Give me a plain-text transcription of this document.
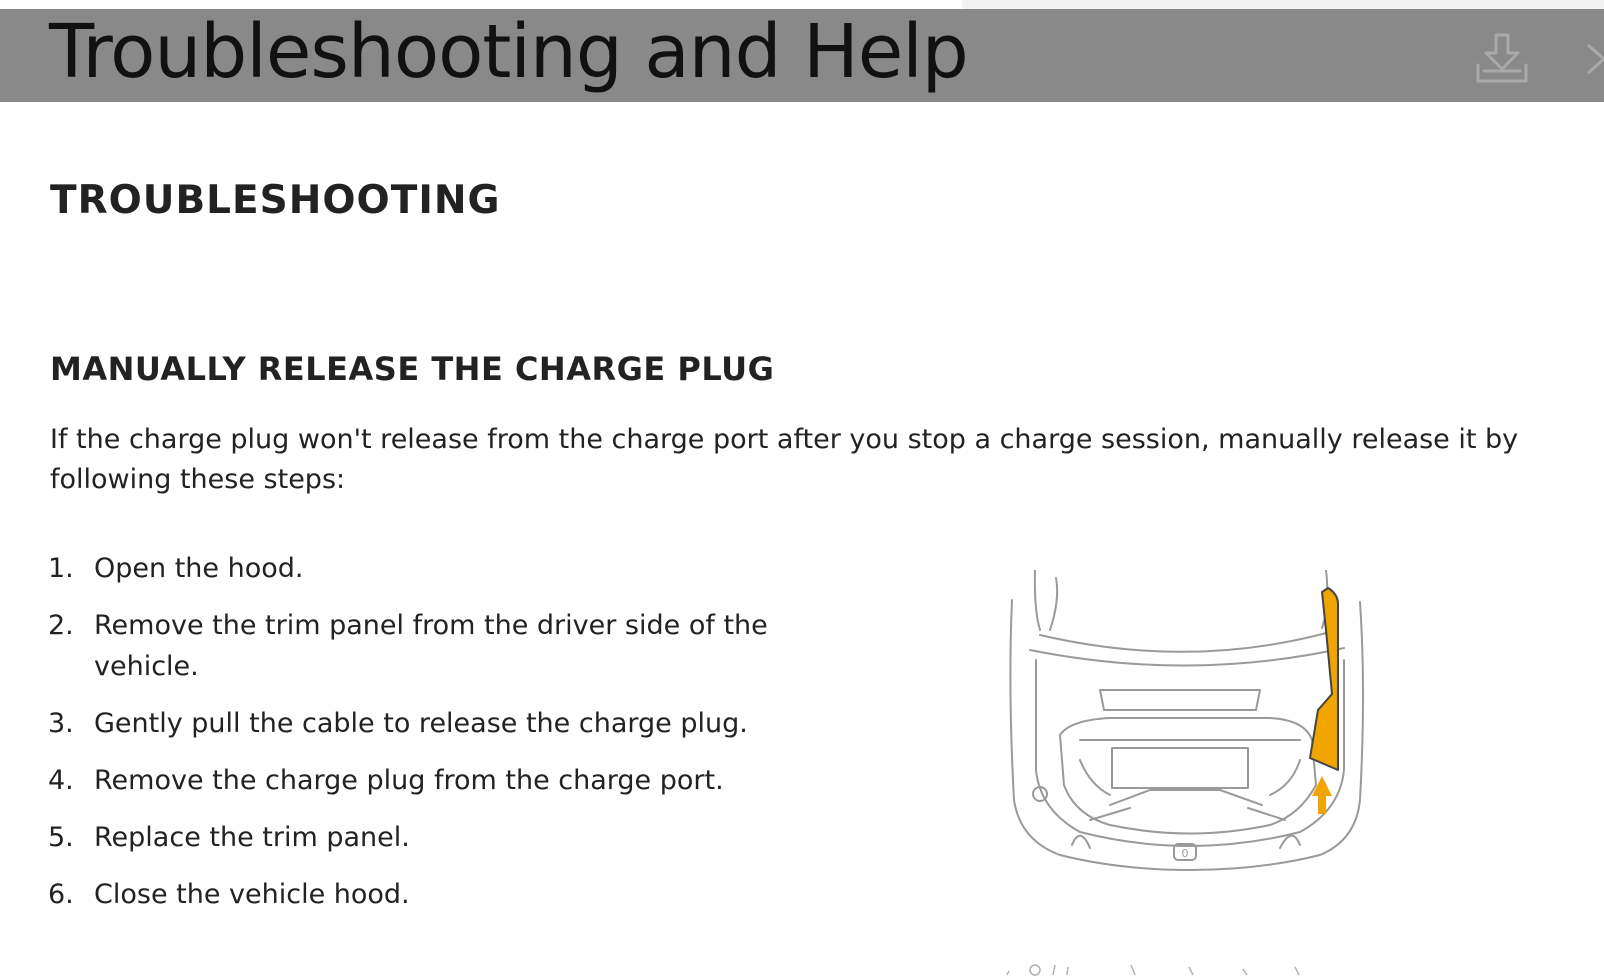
Troubleshooting and Help
TROUBLESHOOTING
MANUALLY RELEASE THE CHARGE PLUG

If the charge plug won't release from the charge port after you stop a charge session, manually release it by following these steps:

1. Open the hood.
2. Remove the trim panel from the driver side of the vehicle.
3. Gently pull the cable to release the charge plug.
4. Remove the charge plug from the charge port.
5. Replace the trim panel.
6. Close the vehicle hood.
0
